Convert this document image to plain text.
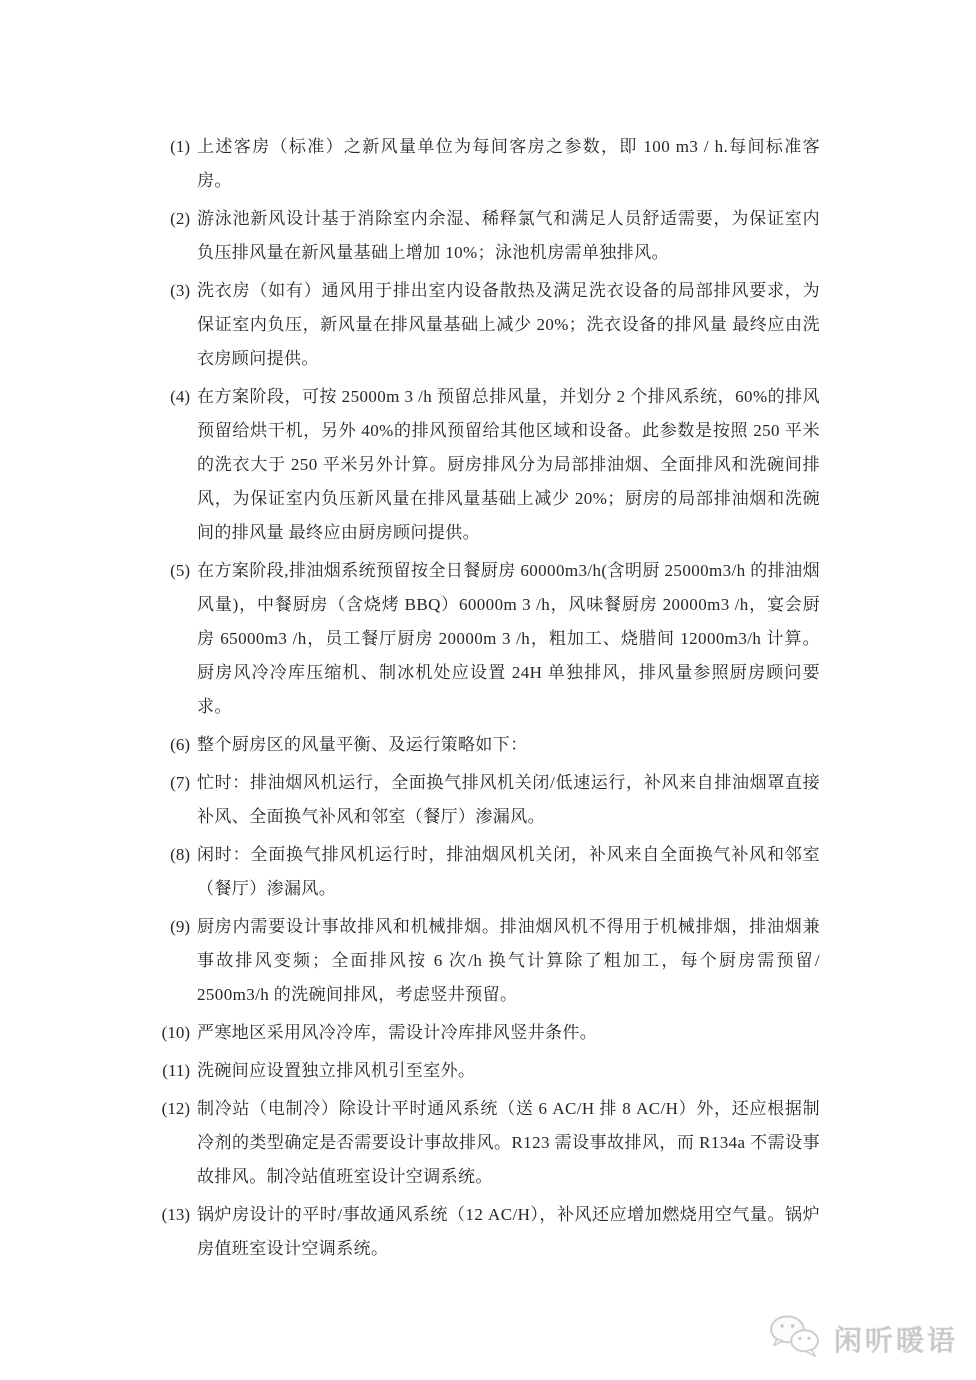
(1) 上述客房（标准）之新风量单位为每间客房之参数，即 100 m3 / h.每间标准客房。
(2) 游泳池新风设计基于消除室内余湿、稀释氯气和满足人员舒适需要，为保证室内负压排风量在新风量基础上增加 10%；泳池机房需单独排风。
(3) 洗衣房（如有）通风用于排出室内设备散热及满足洗衣设备的局部排风要求，为保证室内负压，新风量在排风量基础上减少 20%；洗衣设备的排风量 最终应由洗衣房顾问提供。
(4) 在方案阶段，可按 25000m 3 /h 预留总排风量，并划分 2 个排风系统，60%的排风预留给烘干机，另外 40%的排风预留给其他区域和设备。此参数是按照 250 平米的洗衣大于 250 平米另外计算。厨房排风分为局部排油烟、全面排风和洗碗间排风，为保证室内负压新风量在排风量基础上减少 20%；厨房的局部排油烟和洗碗间的排风量 最终应由厨房顾问提供。
(5) 在方案阶段,排油烟系统预留按全日餐厨房 60000m3/h(含明厨 25000m3/h 的排油烟风量)，中餐厨房（含烧烤 BBQ）60000m 3 /h，风味餐厨房 20000m3 /h，宴会厨房 65000m3 /h，员工餐厅厨房 20000m 3 /h，粗加工、烧腊间 12000m3/h 计算。厨房风冷冷库压缩机、制冰机处应设置 24H 单独排风，排风量参照厨房顾问要求。
(6) 整个厨房区的风量平衡、及运行策略如下：
(7) 忙时：排油烟风机运行，全面换气排风机关闭/低速运行，补风来自排油烟罩直接补风、全面换气补风和邻室（餐厅）渗漏风。
(8) 闲时：全面换气排风机运行时，排油烟风机关闭，补风来自全面换气补风和邻室（餐厅）渗漏风。
(9) 厨房内需要设计事故排风和机械排烟。排油烟风机不得用于机械排烟，排油烟兼事故排风变频；全面排风按 6 次/h 换气计算除了粗加工，每个厨房需预留/ 2500m3/h 的洗碗间排风，考虑竖井预留。
(10) 严寒地区采用风冷冷库，需设计冷库排风竖井条件。
(11) 洗碗间应设置独立排风机引至室外。
(12) 制冷站（电制冷）除设计平时通风系统（送 6 AC/H 排 8 AC/H）外，还应根据制冷剂的类型确定是否需要设计事故排风。R123 需设事故排风，而 R134a 不需设事故排风。制冷站值班室设计空调系统。
(13) 锅炉房设计的平时/事故通风系统（12 AC/H），补风还应增加燃烧用空气量。锅炉房值班室设计空调系统。
闲听暖语
